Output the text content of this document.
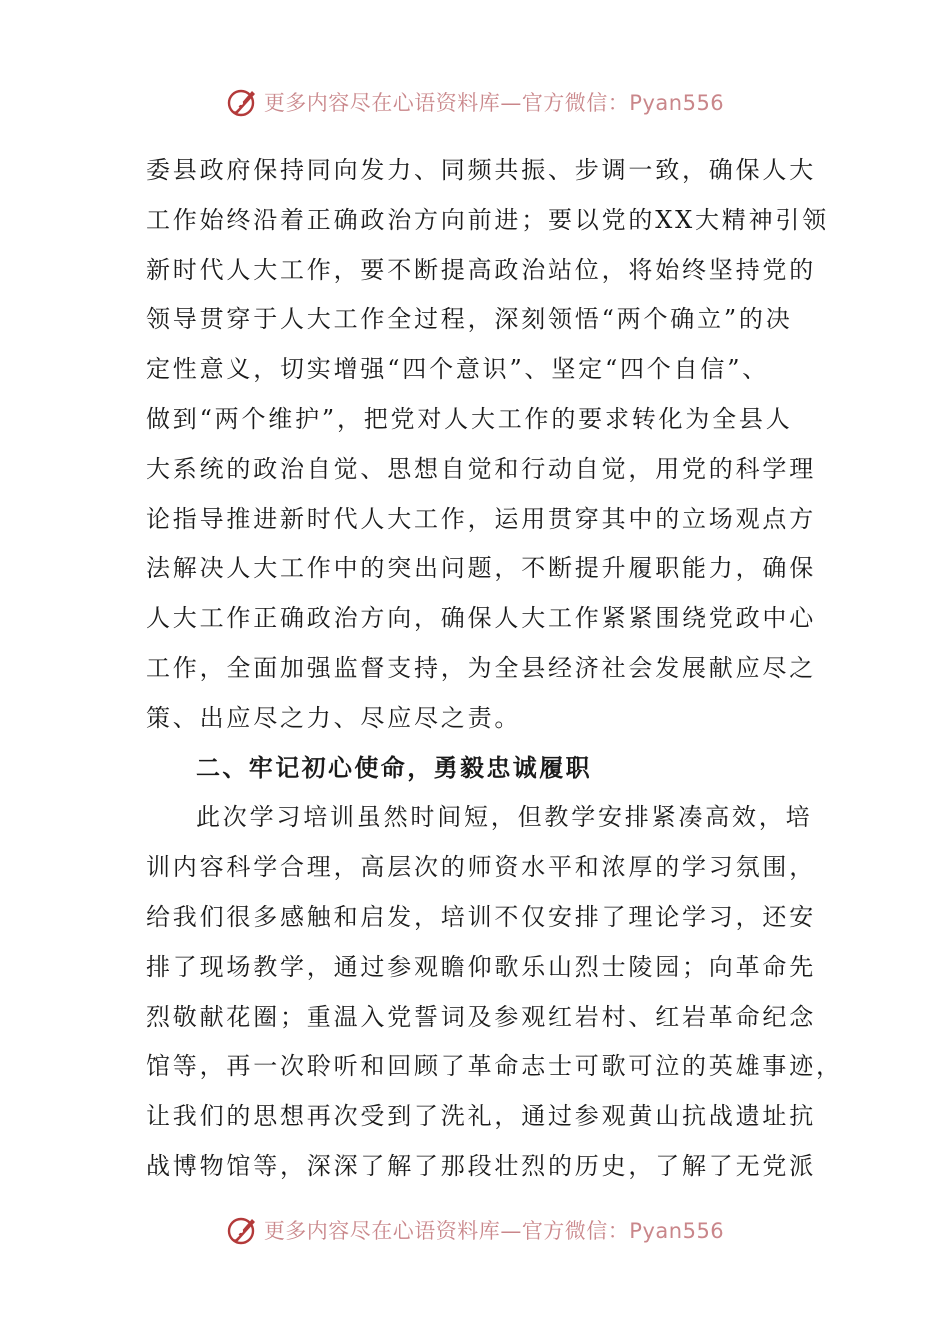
更多内容尽在心语资料库—官方微信：Pyan556
委县政府保持同向发力、同频共振、步调一致，确保人大
工作始终沿着正确政治方向前进；要以党的XX大精神引领
新时代人大工作，要不断提高政治站位，将始终坚持党的
领导贯穿于人大工作全过程，深刻领悟“两个确立”的决
定性意义，切实增强“四个意识”、坚定“四个自信”、
做到“两个维护”，把党对人大工作的要求转化为全县人
大系统的政治自觉、思想自觉和行动自觉，用党的科学理
论指导推进新时代人大工作，运用贯穿其中的立场观点方
法解决人大工作中的突出问题，不断提升履职能力，确保
人大工作正确政治方向，确保人大工作紧紧围绕党政中心
工作，全面加强监督支持，为全县经济社会发展献应尽之
策、出应尽之力、尽应尽之责。
二、牢记初心使命，勇毅忠诚履职
此次学习培训虽然时间短，但教学安排紧凑高效，培
训内容科学合理，高层次的师资水平和浓厚的学习氛围，
给我们很多感触和启发，培训不仅安排了理论学习，还安
排了现场教学，通过参观瞻仰歌乐山烈士陵园；向革命先
烈敬献花圈；重温入党誓词及参观红岩村、红岩革命纪念
馆等，再一次聆听和回顾了革命志士可歌可泣的英雄事迹，
让我们的思想再次受到了洗礼，通过参观黄山抗战遗址抗
战博物馆等，深深了解了那段壮烈的历史，了解了无党派
更多内容尽在心语资料库—官方微信：Pyan556
